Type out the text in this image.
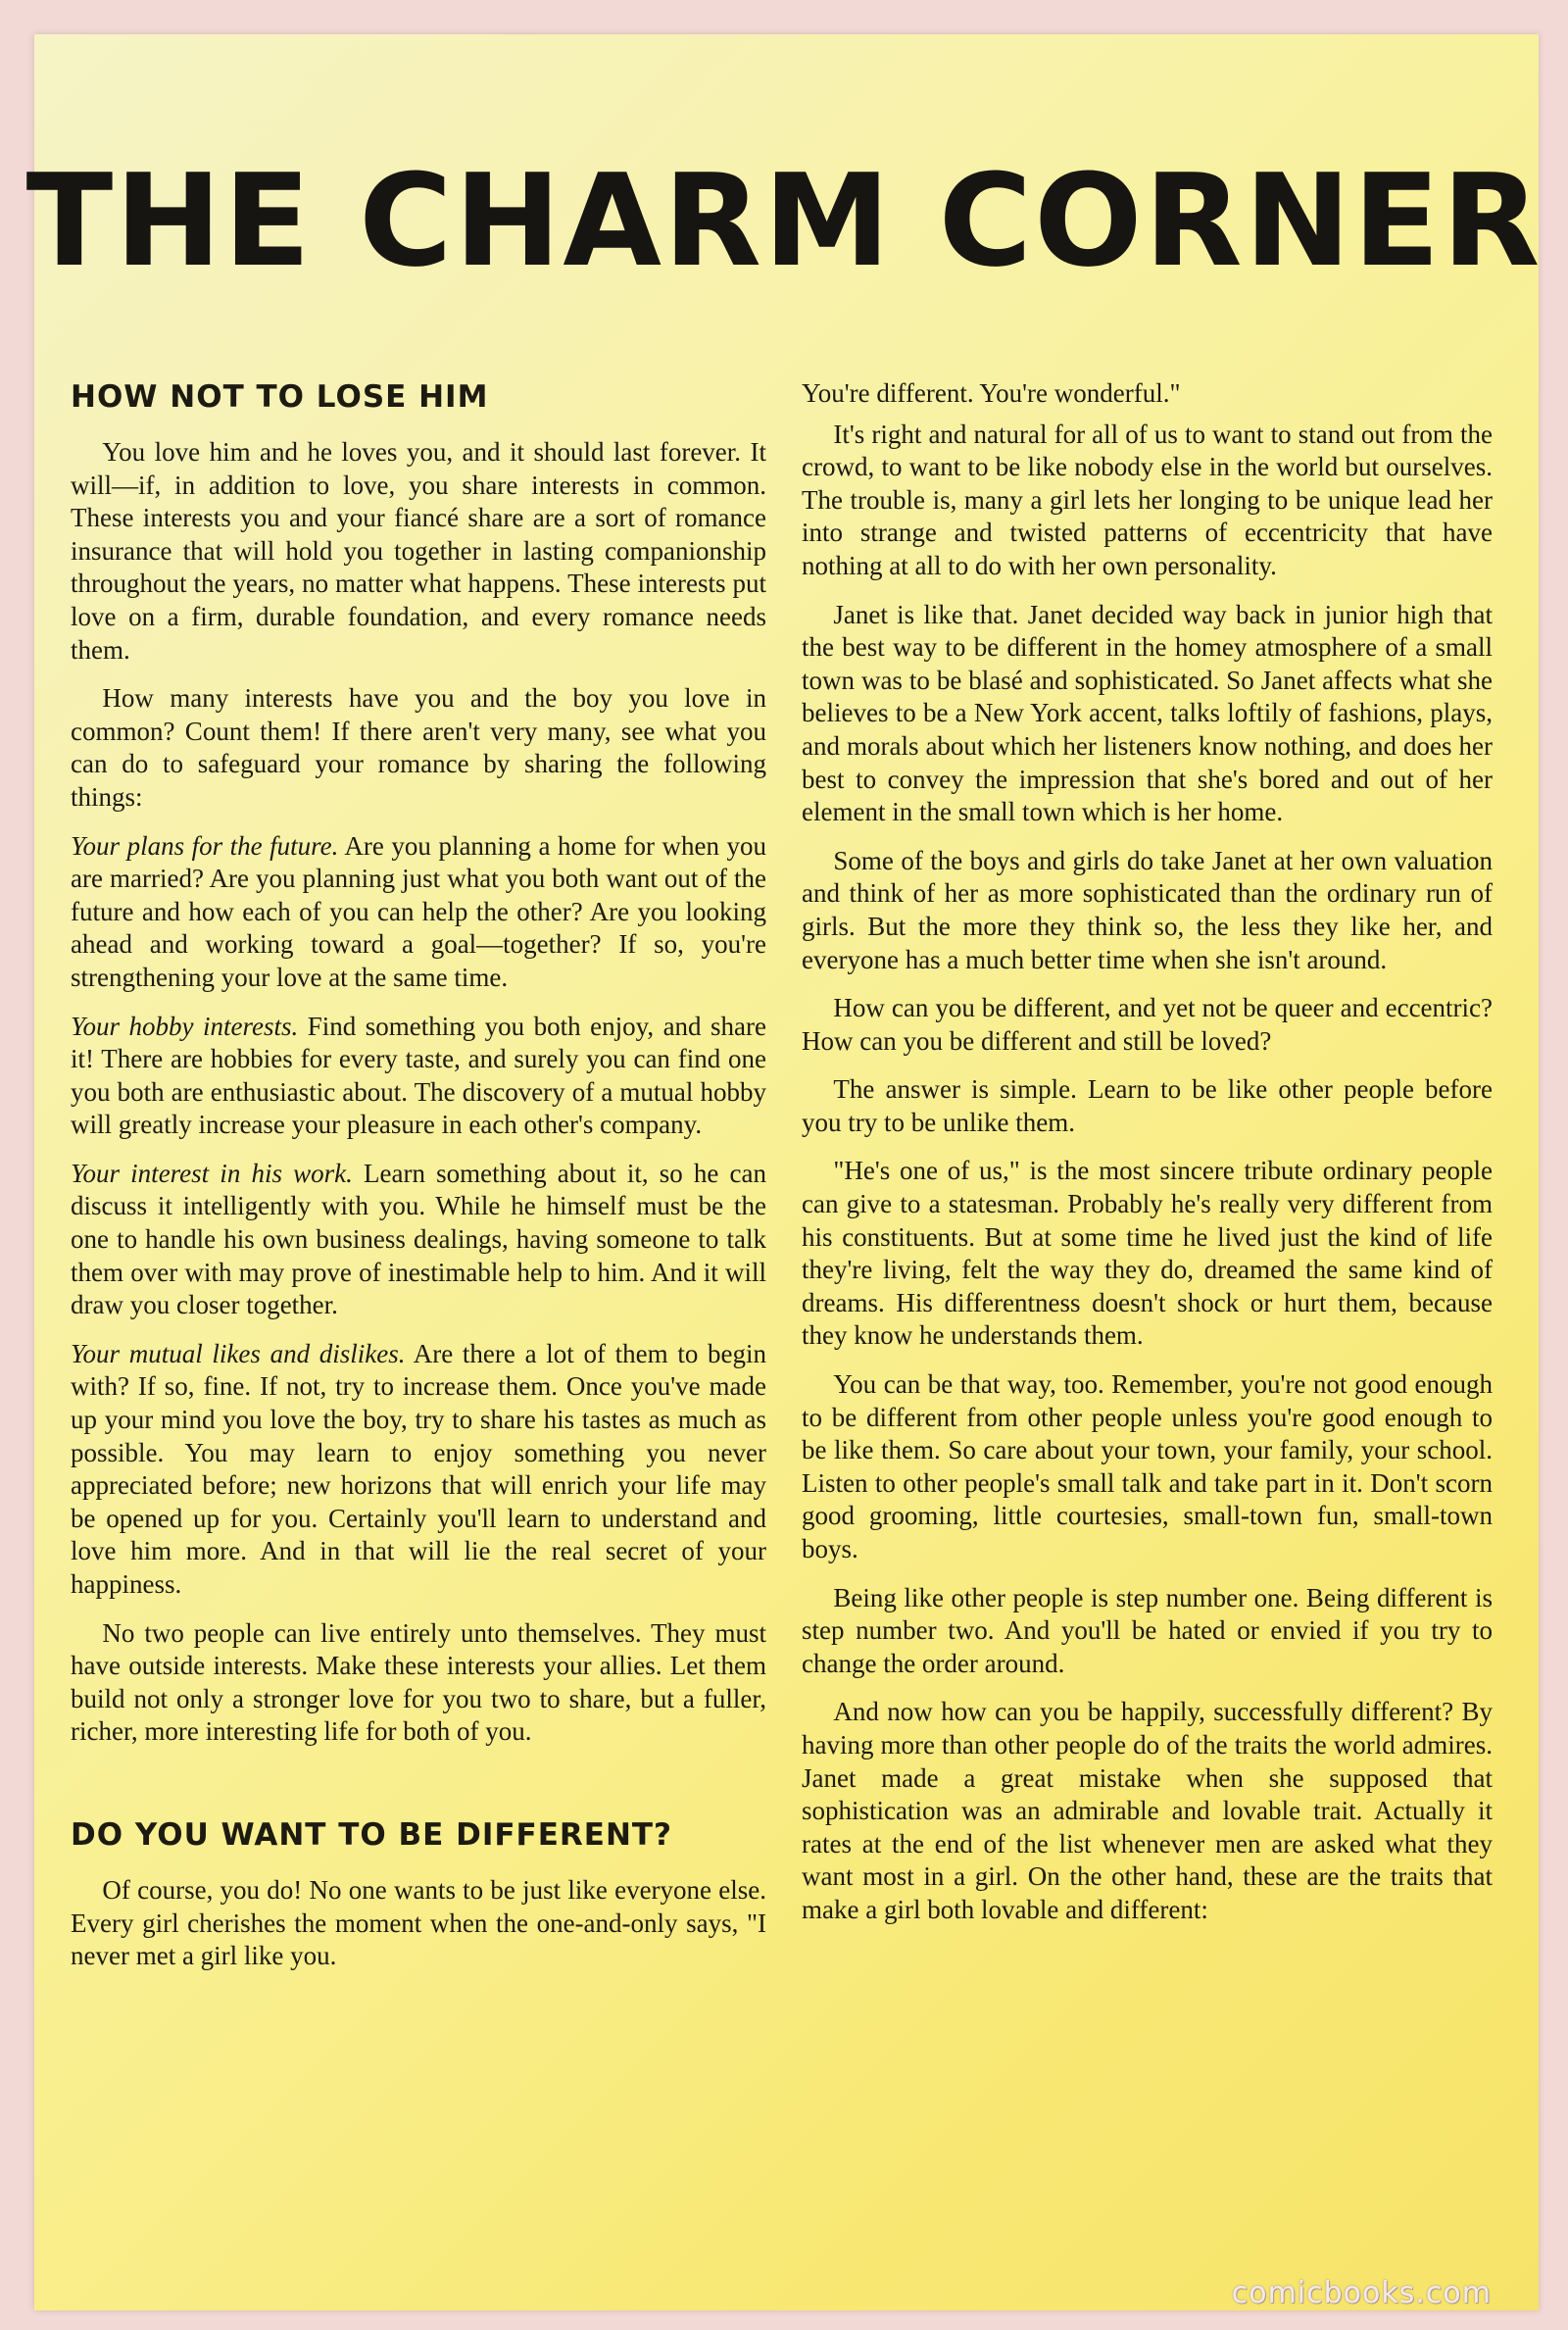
THE CHARM CORNER
HOW NOT TO LOSE HIM

You love him and he loves you, and it should last forever. It will—if, in addition to love, you share interests in common. These interests you and your fiancé share are a sort of romance insurance that will hold you together in lasting companionship throughout the years, no matter what happens. These interests put love on a firm, durable foundation, and every romance needs them.

How many interests have you and the boy you love in common? Count them! If there aren't very many, see what you can do to safeguard your romance by sharing the following things:

Your plans for the future. Are you planning a home for when you are married? Are you planning just what you both want out of the future and how each of you can help the other? Are you looking ahead and working toward a goal—together? If so, you're strengthening your love at the same time.

Your hobby interests. Find something you both enjoy, and share it! There are hobbies for every taste, and surely you can find one you both are enthusiastic about. The discovery of a mutual hobby will greatly increase your pleasure in each other's company.

Your interest in his work. Learn something about it, so he can discuss it intelligently with you. While he himself must be the one to handle his own business dealings, having someone to talk them over with may prove of inestimable help to him. And it will draw you closer together.

Your mutual likes and dislikes. Are there a lot of them to begin with? If so, fine. If not, try to increase them. Once you've made up your mind you love the boy, try to share his tastes as much as possible. You may learn to enjoy something you never appreciated before; new horizons that will enrich your life may be opened up for you. Certainly you'll learn to understand and love him more. And in that will lie the real secret of your happiness.

No two people can live entirely unto themselves. They must have outside interests. Make these interests your allies. Let them build not only a stronger love for you two to share, but a fuller, richer, more interesting life for both of you.

DO YOU WANT TO BE DIFFERENT?

Of course, you do! No one wants to be just like everyone else. Every girl cherishes the moment when the one-and-only says, "I never met a girl like you.

You're different. You're wonderful."

It's right and natural for all of us to want to stand out from the crowd, to want to be like nobody else in the world but ourselves. The trouble is, many a girl lets her longing to be unique lead her into strange and twisted patterns of eccentricity that have nothing at all to do with her own personality.

Janet is like that. Janet decided way back in junior high that the best way to be different in the homey atmosphere of a small town was to be blasé and sophisticated. So Janet affects what she believes to be a New York accent, talks loftily of fashions, plays, and morals about which her listeners know nothing, and does her best to convey the impression that she's bored and out of her element in the small town which is her home.

Some of the boys and girls do take Janet at her own valuation and think of her as more sophisticated than the ordinary run of girls. But the more they think so, the less they like her, and everyone has a much better time when she isn't around.

How can you be different, and yet not be queer and eccentric? How can you be different and still be loved?

The answer is simple. Learn to be like other people before you try to be unlike them.

"He's one of us," is the most sincere tribute ordinary people can give to a statesman. Probably he's really very different from his constituents. But at some time he lived just the kind of life they're living, felt the way they do, dreamed the same kind of dreams. His differentness doesn't shock or hurt them, because they know he understands them.

You can be that way, too. Remember, you're not good enough to be different from other people unless you're good enough to be like them. So care about your town, your family, your school. Listen to other people's small talk and take part in it. Don't scorn good grooming, little courtesies, small-town fun, small-town boys.

Being like other people is step number one. Being different is step number two. And you'll be hated or envied if you try to change the order around.

And now how can you be happily, successfully different? By having more than other people do of the traits the world admires. Janet made a great mistake when she supposed that sophistication was an admirable and lovable trait. Actually it rates at the end of the list whenever men are asked what they want most in a girl. On the other hand, these are the traits that make a girl both lovable and different:

comicbooks.com
